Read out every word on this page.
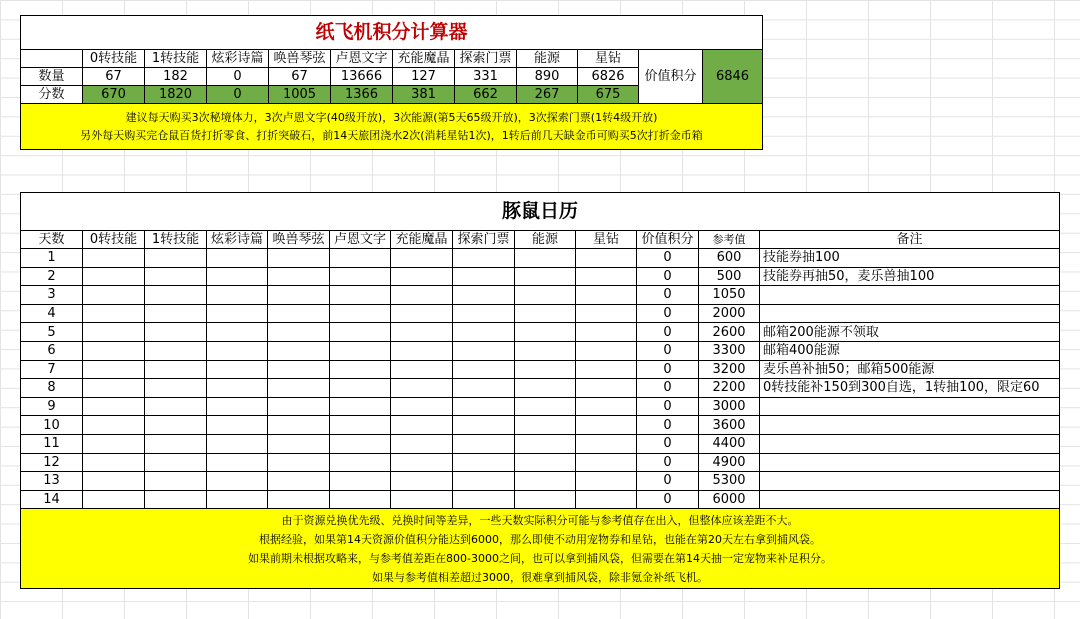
纸飞机积分计算器											
	0转技能	1转技能	炫彩诗篇	唤兽琴弦	卢恩文字	充能魔晶	探索门票	能源	星钻	价值积分	6846
数量	67	182	0	67	13666	127	331	890	6826		
分数	670	1820	0	1005	1366	381	662	267	675		

建议每天购买3次秘境体力，3次卢恩文字(40级开放)，3次能源(第5天65级开放)，3次探索门票(1转4级开放)
另外每天购买完仓鼠百货打折零食、打折突破石，前14天旅团浇水2次(消耗星钻1次)，1转后前几天缺金币可购买5次打折金币箱											
豚鼠日历												
天数	0转技能	1转技能	炫彩诗篇	唤兽琴弦	卢恩文字	充能魔晶	探索门票	能源	星钻	价值积分	参考值	备注
1										0	600	技能券抽100
2										0	500	技能券再抽50，麦乐兽抽100
3										0	1050	
4										0	2000	
5										0	2600	邮箱200能源不领取
6										0	3300	邮箱400能源
7										0	3200	麦乐兽补抽50；邮箱500能源
8										0	2200	0转技能补150到300自选，1转抽100，限定60
9										0	3000	
10										0	3600	
11										0	4400	
12										0	4900	
13										0	5300	
14										0	6000	

由于资源兑换优先级、兑换时间等差异，一些天数实际积分可能与参考值存在出入，但整体应该差距不大。
根据经验，如果第14天资源价值积分能达到6000，那么即使不动用宠物券和星钻，也能在第20天左右拿到捕风袋。
如果前期未根据攻略来，与参考值差距在800-3000之间，也可以拿到捕风袋，但需要在第14天抽一定宠物来补足积分。
如果与参考值相差超过3000，很难拿到捕风袋，除非氪金补纸飞机。												
